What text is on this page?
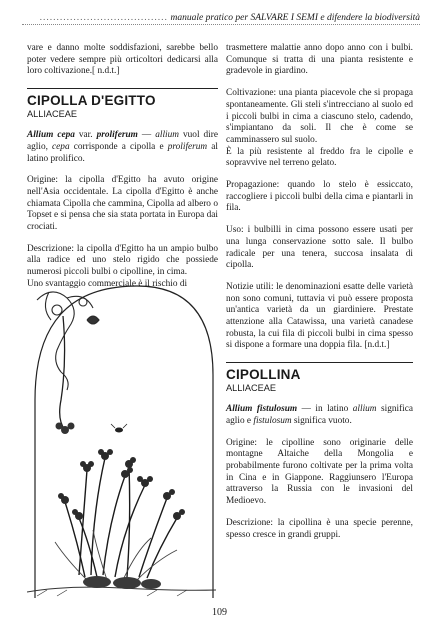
...................................... manuale pratico per SALVARE I SEMI e difendere la biodiversità

vare e danno molte soddisfazioni, sarebbe bello poter vedere sempre più orticoltori dedicarsi alla loro coltivazione.[ n.d.t.]

CIPOLLA D'EGITTO
ALLIACEAE

Allium cepa var. proliferum — allium vuol dire aglio, cepa corrisponde a cipolla e proliferum al latino prolifico.

Origine: la cipolla d'Egitto ha avuto origine nell'Asia occidentale. La cipolla d'Egitto è anche chiamata Cipolla che cammina, Cipolla ad albero o Topset e si pensa che sia stata portata in Europa dai crociati.

Descrizione: la cipolla d'Egitto ha un ampio bulbo alla radice ed uno stelo rigido che possiede numerosi piccoli bulbi o cipolline, in cima.

Uno svantaggio commerciale è il rischio di

trasmettere malattie anno dopo anno con i bulbi. Comunque si tratta di una pianta resistente e gradevole in giardino.

Coltivazione: una pianta piacevole che si propaga spontaneamente. Gli steli s'intrecciano al suolo ed i piccoli bulbi in cima a ciascuno stelo, cadendo, s'impiantano da soli. Il che è come se camminassero sul suolo.

È la più resistente al freddo fra le cipolle e sopravvive nel terreno gelato.

Propagazione: quando lo stelo è essiccato, raccogliere i piccoli bulbi della cima e piantarli in fila.

Uso: i bulbilli in cima possono essere usati per una lunga conservazione sotto sale. Il bulbo radicale per una tenera, succosa insalata di cipolla.

Notizie utili: le denominazioni esatte delle varietà non sono comuni, tuttavia vi può essere proposta un'antica varietà da un giardiniere. Prestate attenzione alla Catawissa, una varietà canadese robusta, la cui fila di piccoli bulbi in cima spesso si dispone a formare una doppia fila. [n.d.t.]

CIPOLLINA
ALLIACEAE

Allium fistulosum — in latino allium significa aglio e fistulosum significa vuoto.

Origine: le cipolline sono originarie delle montagne Altaiche della Mongolia e probabilmente furono coltivate per la prima volta in Cina e in Giappone. Raggiunsero l'Europa attraverso la Russia con le invasioni del Medioevo.

Descrizione: la cipollina è una specie perenne, spesso cresce in grandi gruppi.

109
